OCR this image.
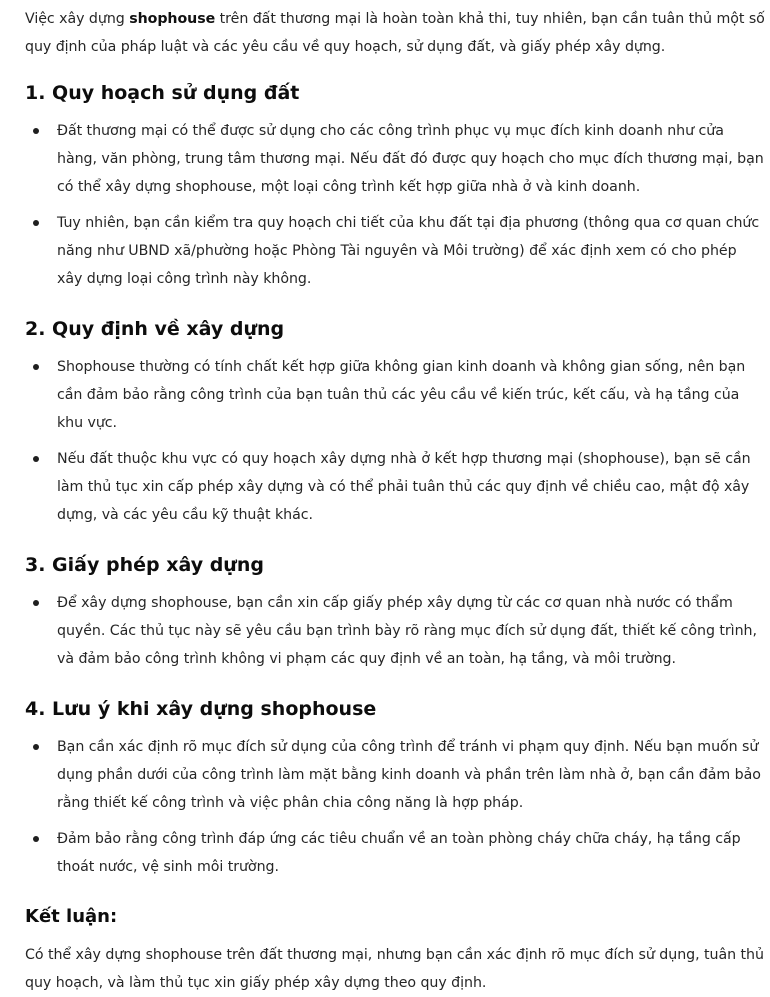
Việc xây dựng shophouse trên đất thương mại là hoàn toàn khả thi, tuy nhiên, bạn cần tuân thủ một số quy định của pháp luật và các yêu cầu về quy hoạch, sử dụng đất, và giấy phép xây dựng.

1. Quy hoạch sử dụng đất

Đất thương mại có thể được sử dụng cho các công trình phục vụ mục đích kinh doanh như cửa hàng, văn phòng, trung tâm thương mại. Nếu đất đó được quy hoạch cho mục đích thương mại, bạn có thể xây dựng shophouse, một loại công trình kết hợp giữa nhà ở và kinh doanh.

Tuy nhiên, bạn cần kiểm tra quy hoạch chi tiết của khu đất tại địa phương (thông qua cơ quan chức năng như UBND xã/phường hoặc Phòng Tài nguyên và Môi trường) để xác định xem có cho phép xây dựng loại công trình này không.

2. Quy định về xây dựng

Shophouse thường có tính chất kết hợp giữa không gian kinh doanh và không gian sống, nên bạn cần đảm bảo rằng công trình của bạn tuân thủ các yêu cầu về kiến trúc, kết cấu, và hạ tầng của khu vực.

Nếu đất thuộc khu vực có quy hoạch xây dựng nhà ở kết hợp thương mại (shophouse), bạn sẽ cần làm thủ tục xin cấp phép xây dựng và có thể phải tuân thủ các quy định về chiều cao, mật độ xây dựng, và các yêu cầu kỹ thuật khác.

3. Giấy phép xây dựng

Để xây dựng shophouse, bạn cần xin cấp giấy phép xây dựng từ các cơ quan nhà nước có thẩm quyền. Các thủ tục này sẽ yêu cầu bạn trình bày rõ ràng mục đích sử dụng đất, thiết kế công trình, và đảm bảo công trình không vi phạm các quy định về an toàn, hạ tầng, và môi trường.

4. Lưu ý khi xây dựng shophouse

Bạn cần xác định rõ mục đích sử dụng của công trình để tránh vi phạm quy định. Nếu bạn muốn sử dụng phần dưới của công trình làm mặt bằng kinh doanh và phần trên làm nhà ở, bạn cần đảm bảo rằng thiết kế công trình và việc phân chia công năng là hợp pháp.

Đảm bảo rằng công trình đáp ứng các tiêu chuẩn về an toàn phòng cháy chữa cháy, hạ tầng cấp thoát nước, vệ sinh môi trường.

Kết luận:

Có thể xây dựng shophouse trên đất thương mại, nhưng bạn cần xác định rõ mục đích sử dụng, tuân thủ quy hoạch, và làm thủ tục xin giấy phép xây dựng theo quy định.
